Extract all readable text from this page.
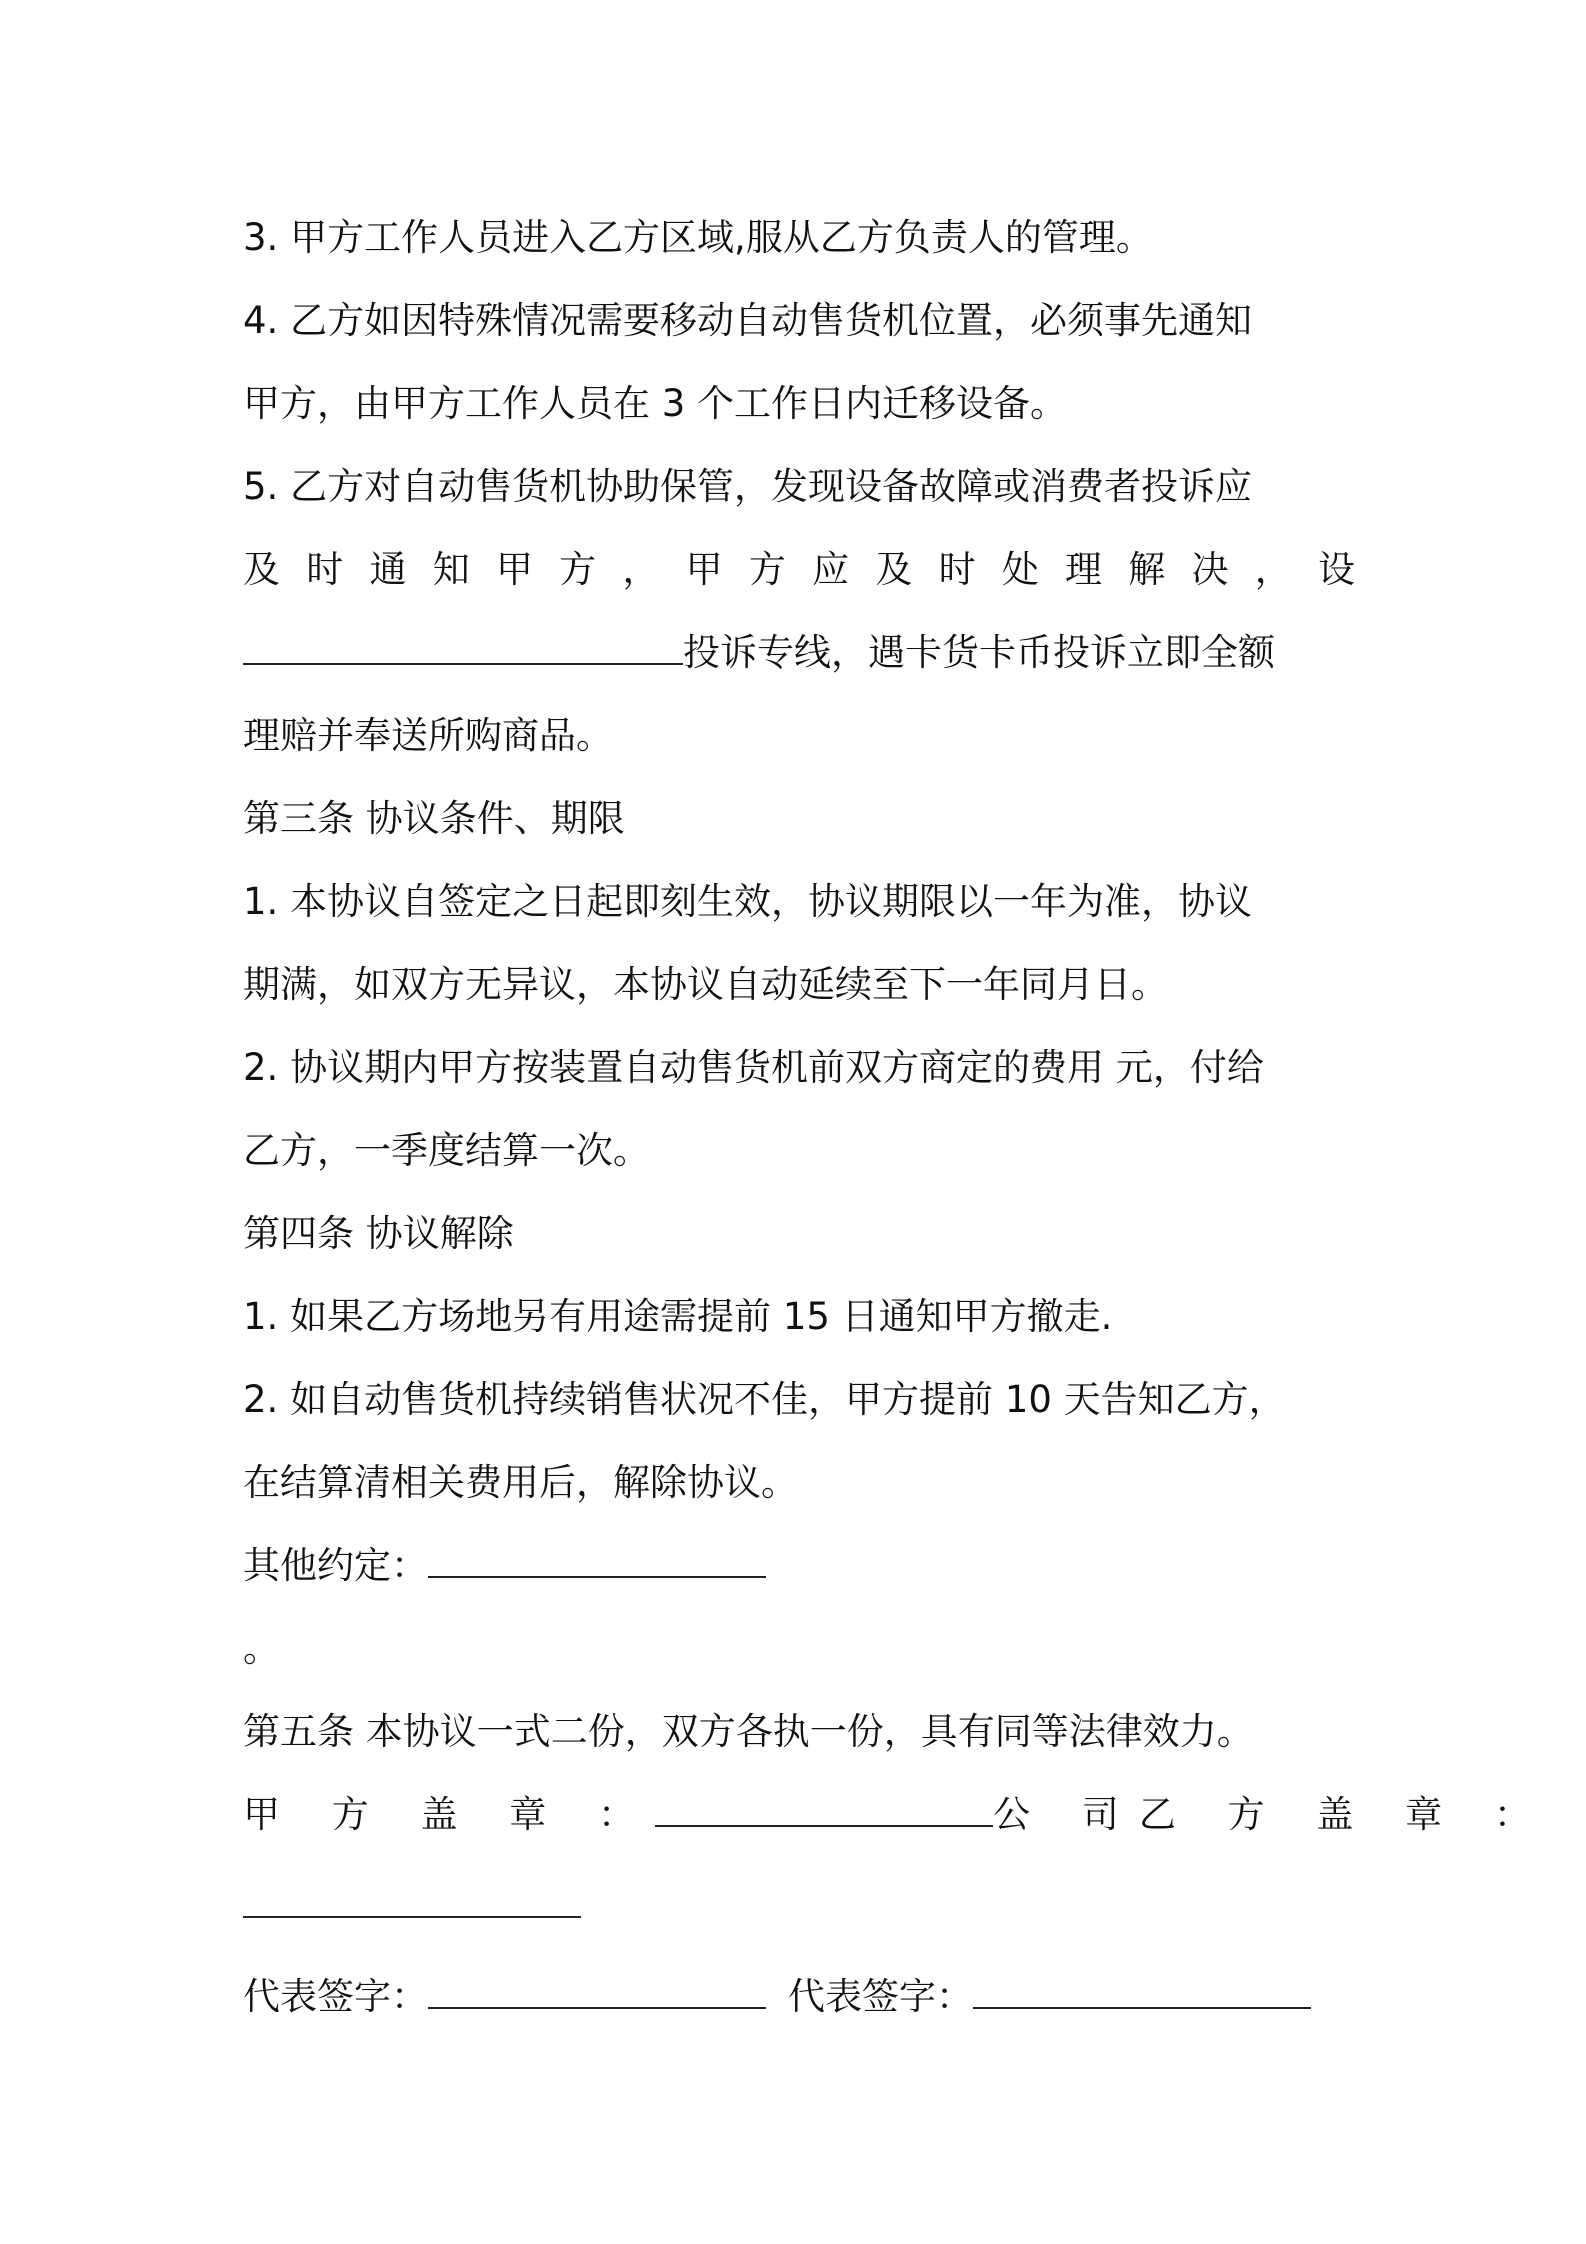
3. 甲方工作人员进入乙方区域,服从乙方负责人的管理。
4. 乙方如因特殊情况需要移动自动售货机位置，必须事先通知
甲方，由甲方工作人员在 3 个工作日内迁移设备。
5. 乙方对自动售货机协助保管，发现设备故障或消费者投诉应
及 时 通 知 甲 方 ， 甲 方 应 及 时 处 理 解 决 ， 设
投诉专线，遇卡货卡币投诉立即全额
理赔并奉送所购商品。
第三条 协议条件、期限
1. 本协议自签定之日起即刻生效，协议期限以一年为准，协议
期满，如双方无异议，本协议自动延续至下一年同月日。
2. 协议期内甲方按装置自动售货机前双方商定的费用 元，付给
乙方，一季度结算一次。
第四条 协议解除
1. 如果乙方场地另有用途需提前 15 日通知甲方撤走.
2. 如自动售货机持续销售状况不佳，甲方提前 10 天告知乙方，
在结算清相关费用后，解除协议。
其他约定：
。
第五条 本协议一式二份，双方各执一份，具有同等法律效力。
甲 方 盖 章 ：	公 司 乙 方 盖 章 ：
代表签字：	代表签字：
